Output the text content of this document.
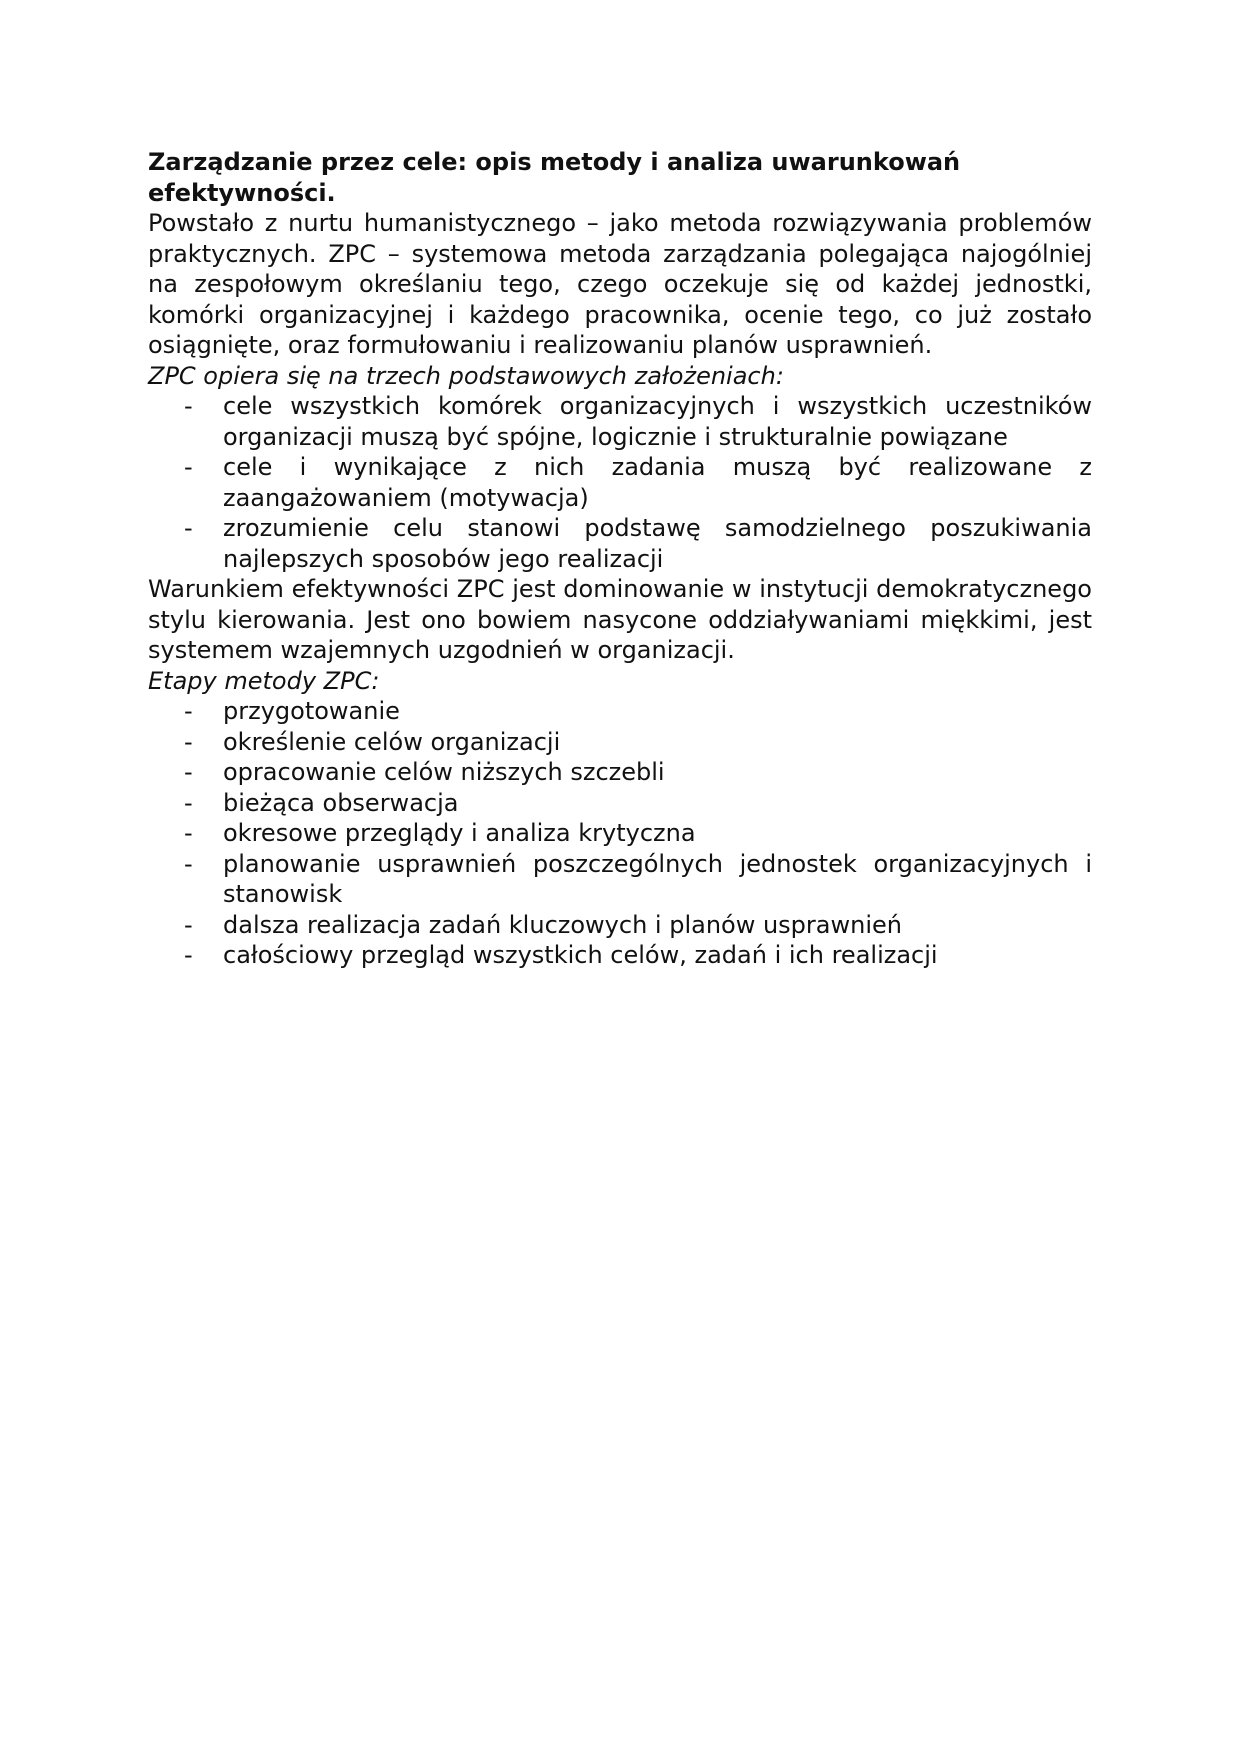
Zarządzanie przez cele: opis metody i analiza uwarunkowań efektywności.

Powstało z nurtu humanistycznego – jako metoda rozwiązywania problemów praktycznych. ZPC – systemowa metoda zarządzania polegająca najogólniej na zespołowym określaniu tego, czego oczekuje się od każdej jednostki, komórki organizacyjnej i każdego pracownika, ocenie tego, co już zostało osiągnięte, oraz formułowaniu i realizowaniu planów usprawnień.

ZPC opiera się na trzech podstawowych założeniach:

- cele wszystkich komórek organizacyjnych i wszystkich uczestników organizacji muszą być spójne, logicznie i strukturalnie powiązane
- cele i wynikające z nich zadania muszą być realizowane z zaangażowaniem (motywacja)
- zrozumienie celu stanowi podstawę samodzielnego poszukiwania najlepszych sposobów jego realizacji

Warunkiem efektywności ZPC jest dominowanie w instytucji demokratycznego stylu kierowania. Jest ono bowiem nasycone oddziaływaniami miękkimi, jest systemem wzajemnych uzgodnień w organizacji.

Etapy metody ZPC:

- przygotowanie
- określenie celów organizacji
- opracowanie celów niższych szczebli
- bieżąca obserwacja
- okresowe przeglądy i analiza krytyczna
- planowanie usprawnień poszczególnych jednostek organizacyjnych i stanowisk
- dalsza realizacja zadań kluczowych i planów usprawnień
- całościowy przegląd wszystkich celów, zadań i ich realizacji
